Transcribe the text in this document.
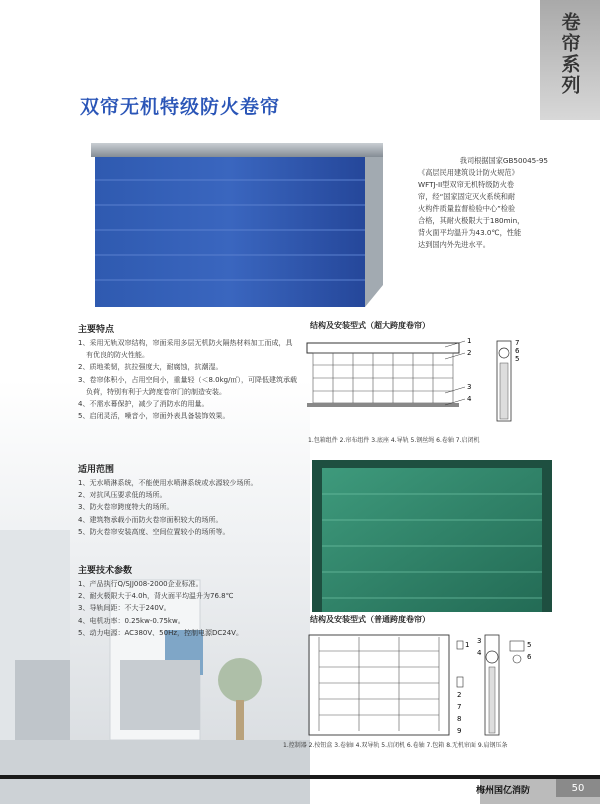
卷帘系列
双帘无机特级防火卷帘
我司根据国家GB50045-95
《高层民用建筑设计防火规范》
WFTJ-II型双帘无机特级防火卷
帘，经“国家固定灭火系统和耐
火构件质量监督检验中心”检验
合格，其耐火极限大于180min，
背火面平均温升为43.0℃，性能
达到国内外先进水平。
主要特点
1、采用无轨双帘结构，帘面采用多层无机防火隔热材料加工而成，具有优良的防火性能。
2、质地柔韧，抗拉强度大，耐腐蚀，抗潮湿。
3、卷帘体积小，占用空间小，重量轻（＜8.0kg/㎡），可降低建筑承载负荷，特别有利于大跨度卷帘门的制造安装。
4、不需水幕保护，减少了消防水的用量。
5、启闭灵活，噪音小，帘面外表具备装饰效果。
适用范围
1、无水喷淋系统，不能使用水喷淋系统或水源较少场所。
2、对抗风压要求低的场所。
3、防火卷帘跨度特大的场所。
4、建筑物承载小而防火卷帘面积较大的场所。
5、防火卷帘安装高度、空间位置较小的场所等。
主要技术参数
1、产品执行Q/SJJ008-2000企业标准。
2、耐火极限大于4.0h，背火面平均温升为76.8℃
3、导轨间距：不大于240V。
4、电机功率：0.25kw-0.75kw。
5、动力电源：AC380V、50Hz，控制电源DC24V。
结构及安装型式（超大跨度卷帘）
1
2
3
4
7
6
5
1.包箱组件 2.帘布组件 3.底座 4.导轨 5.钢丝绳 6.卷轴 7.启闭机
结构及安装型式（普通跨度卷帘）
1
2
3
4
5
6
7
8
9
1.控制器 2.按钮盒 3.卷轴I 4.双导轨 5.启闭机 6.卷轴 7.包箱 8.无机帘面 9.肩钢压条
梅州国亿消防	50
